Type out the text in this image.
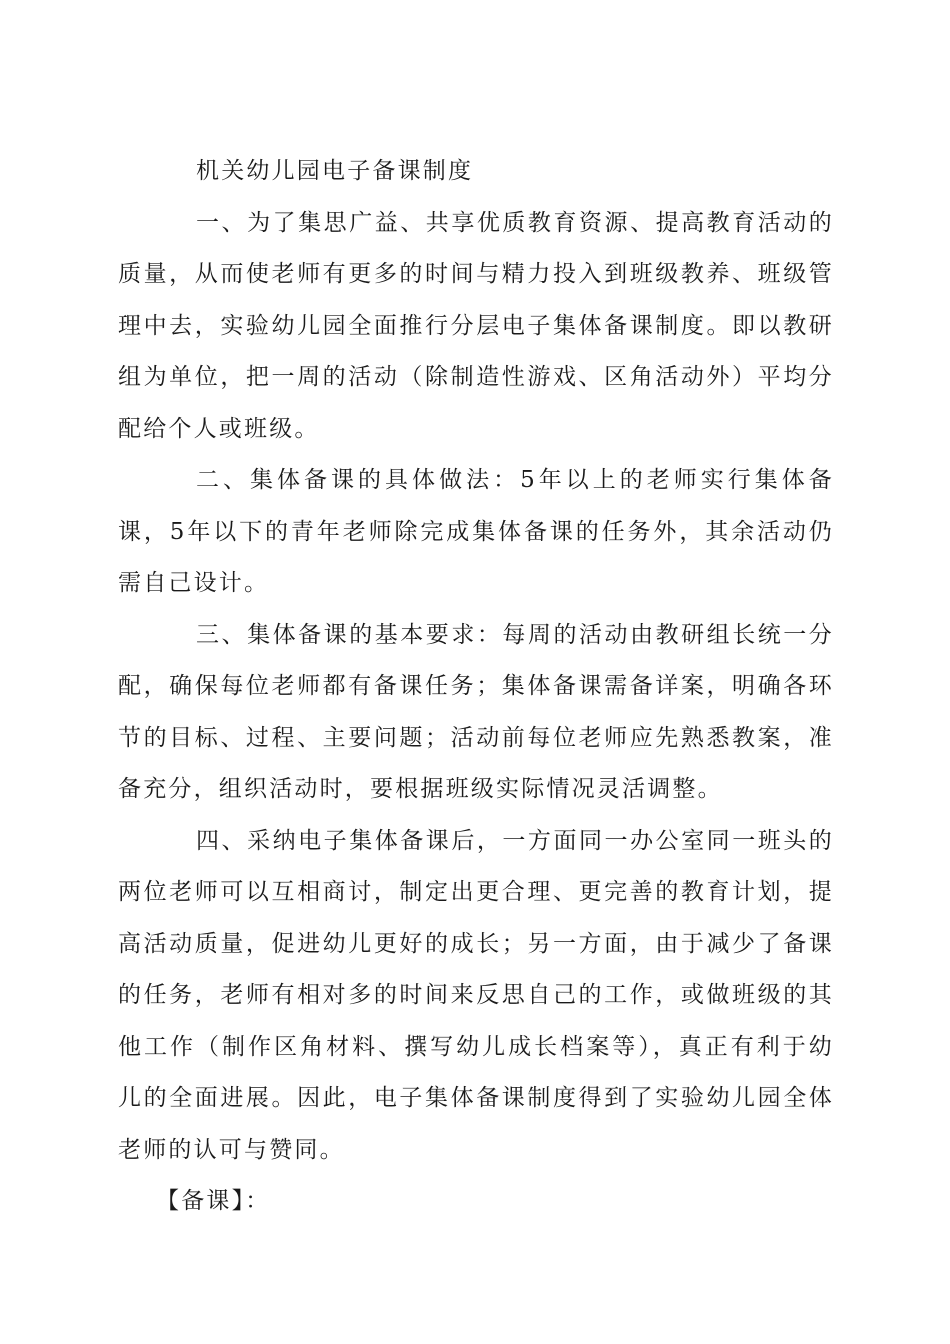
机关幼儿园电子备课制度

一、为了集思广益、共享优质教育资源、提高教育活动的质量，从而使老师有更多的时间与精力投入到班级教养、班级管理中去，实验幼儿园全面推行分层电子集体备课制度。即以教研组为单位，把一周的活动（除制造性游戏、区角活动外）平均分配给个人或班级。

二、集体备课的具体做法：5年以上的老师实行集体备课，5年以下的青年老师除完成集体备课的任务外，其余活动仍需自己设计。

三、集体备课的基本要求：每周的活动由教研组长统一分配，确保每位老师都有备课任务；集体备课需备详案，明确各环节的目标、过程、主要问题；活动前每位老师应先熟悉教案，准备充分，组织活动时，要根据班级实际情况灵活调整。

四、采纳电子集体备课后，一方面同一办公室同一班头的两位老师可以互相商讨，制定出更合理、更完善的教育计划，提高活动质量，促进幼儿更好的成长；另一方面，由于减少了备课的任务，老师有相对多的时间来反思自己的工作，或做班级的其他工作（制作区角材料、撰写幼儿成长档案等），真正有利于幼儿的全面进展。因此，电子集体备课制度得到了实验幼儿园全体老师的认可与赞同。

【备课】：
